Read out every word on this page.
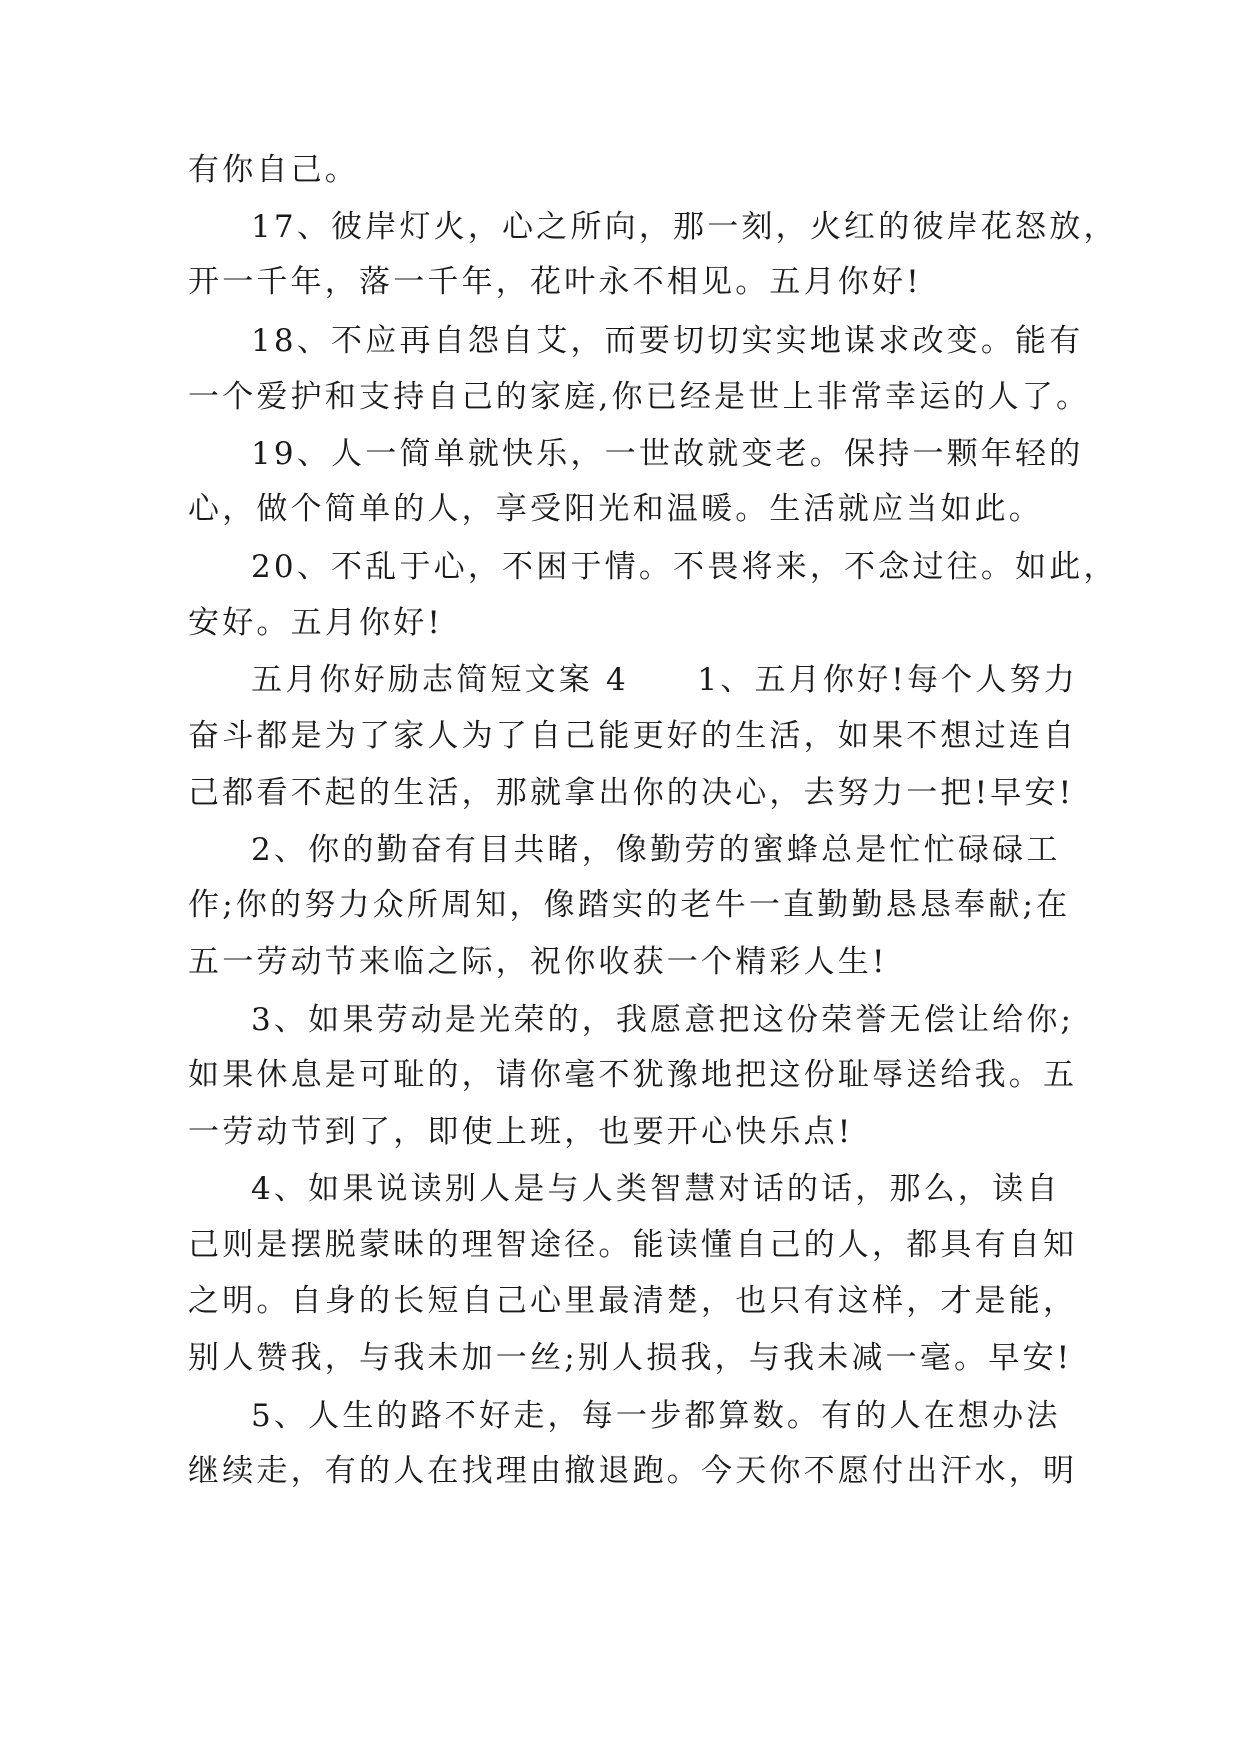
有你自己。
17、彼岸灯火，心之所向，那一刻，火红的彼岸花怒放，
开一千年，落一千年，花叶永不相见。五月你好!
18、不应再自怨自艾，而要切切实实地谋求改变。能有
一个爱护和支持自己的家庭,你已经是世上非常幸运的人了。
19、人一简单就快乐，一世故就变老。保持一颗年轻的
心，做个简单的人，享受阳光和温暖。生活就应当如此。
20、不乱于心，不困于情。不畏将来，不念过往。如此，
安好。五月你好!
五月你好励志简短文案 4　　1、五月你好!每个人努力
奋斗都是为了家人为了自己能更好的生活，如果不想过连自
己都看不起的生活，那就拿出你的决心，去努力一把!早安!
2、你的勤奋有目共睹，像勤劳的蜜蜂总是忙忙碌碌工
作;你的努力众所周知，像踏实的老牛一直勤勤恳恳奉献;在
五一劳动节来临之际，祝你收获一个精彩人生!
3、如果劳动是光荣的，我愿意把这份荣誉无偿让给你;
如果休息是可耻的，请你毫不犹豫地把这份耻辱送给我。五
一劳动节到了，即使上班，也要开心快乐点!
4、如果说读别人是与人类智慧对话的话，那么，读自
己则是摆脱蒙昧的理智途径。能读懂自己的人，都具有自知
之明。自身的长短自己心里最清楚，也只有这样，才是能，
别人赞我，与我未加一丝;别人损我，与我未减一毫。早安!
5、人生的路不好走，每一步都算数。有的人在想办法
继续走，有的人在找理由撤退跑。今天你不愿付出汗水，明
